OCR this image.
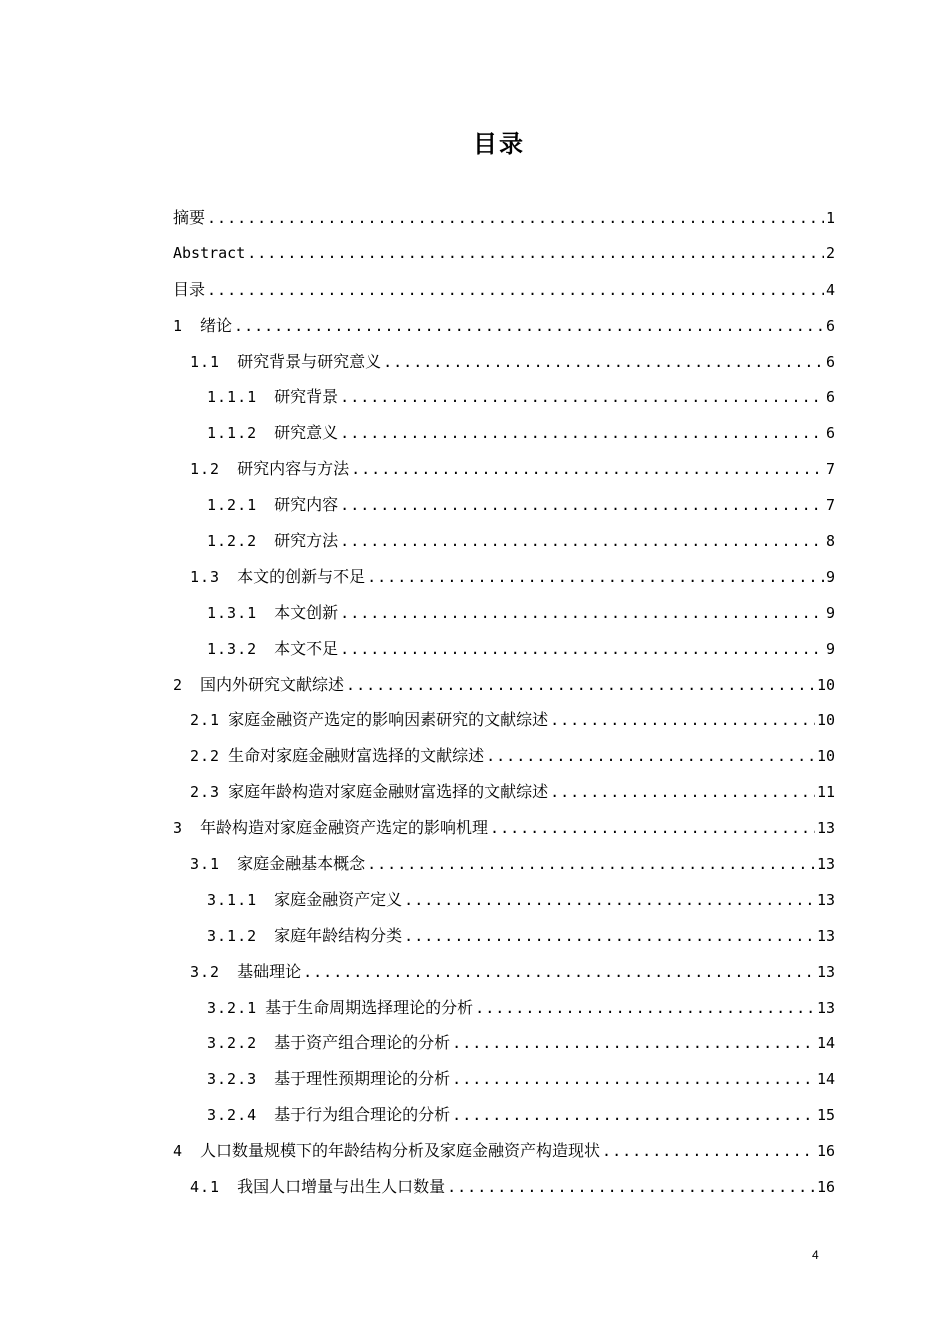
目录
摘要 .....	1
Abstract .....	2
目录 .....	4
1 绪论 .....	6
1.1 研究背景与研究意义 .....	6
1.1.1 研究背景 .....	6
1.1.2 研究意义 .....	6
1.2 研究内容与方法 .....	7
1.2.1 研究内容 .....	7
1.2.2 研究方法 .....	8
1.3 本文的创新与不足 .....	9
1.3.1 本文创新 .....	9
1.3.2 本文不足 .....	9
2 国内外研究文献综述 .....	10
2.1 家庭金融资产选定的影响因素研究的文献综述 .....	10
2.2 生命对家庭金融财富选择的文献综述 .....	10
2.3 家庭年龄构造对家庭金融财富选择的文献综述 .....	11
3 年龄构造对家庭金融资产选定的影响机理 .....	13
3.1 家庭金融基本概念 .....	13
3.1.1 家庭金融资产定义 .....	13
3.1.2 家庭年龄结构分类 .....	13
3.2 基础理论 .....	13
3.2.1 基于生命周期选择理论的分析 .....	13
3.2.2 基于资产组合理论的分析 .....	14
3.2.3 基于理性预期理论的分析 .....	14
3.2.4 基于行为组合理论的分析 .....	15
4 人口数量规模下的年龄结构分析及家庭金融资产构造现状 .....	16
4.1 我国人口增量与出生人口数量 .....	16
4
